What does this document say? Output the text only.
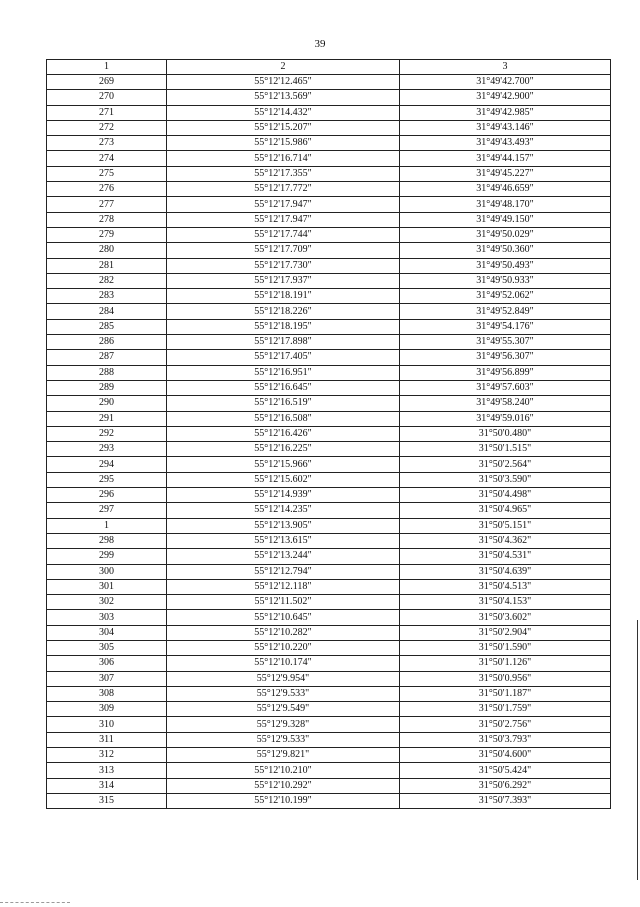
39
1	2	3
269	55°12'12.465"	31°49'42.700"
270	55°12'13.569"	31°49'42.900"
271	55°12'14.432"	31°49'42.985"
272	55°12'15.207"	31°49'43.146"
273	55°12'15.986"	31°49'43.493"
274	55°12'16.714"	31°49'44.157"
275	55°12'17.355"	31°49'45.227"
276	55°12'17.772"	31°49'46.659"
277	55°12'17.947"	31°49'48.170"
278	55°12'17.947"	31°49'49.150"
279	55°12'17.744"	31°49'50.029"
280	55°12'17.709"	31°49'50.360"
281	55°12'17.730"	31°49'50.493"
282	55°12'17.937"	31°49'50.933"
283	55°12'18.191"	31°49'52.062"
284	55°12'18.226"	31°49'52.849"
285	55°12'18.195"	31°49'54.176"
286	55°12'17.898"	31°49'55.307"
287	55°12'17.405"	31°49'56.307"
288	55°12'16.951"	31°49'56.899"
289	55°12'16.645"	31°49'57.603"
290	55°12'16.519"	31°49'58.240"
291	55°12'16.508"	31°49'59.016"
292	55°12'16.426"	31°50'0.480"
293	55°12'16.225"	31°50'1.515"
294	55°12'15.966"	31°50'2.564"
295	55°12'15.602"	31°50'3.590"
296	55°12'14.939"	31°50'4.498"
297	55°12'14.235"	31°50'4.965"
1	55°12'13.905"	31°50'5.151"
298	55°12'13.615"	31°50'4.362"
299	55°12'13.244"	31°50'4.531"
300	55°12'12.794"	31°50'4.639"
301	55°12'12.118"	31°50'4.513"
302	55°12'11.502"	31°50'4.153"
303	55°12'10.645"	31°50'3.602"
304	55°12'10.282"	31°50'2.904"
305	55°12'10.220"	31°50'1.590"
306	55°12'10.174"	31°50'1.126"
307	55°12'9.954"	31°50'0.956"
308	55°12'9.533"	31°50'1.187"
309	55°12'9.549"	31°50'1.759"
310	55°12'9.328"	31°50'2.756"
311	55°12'9.533"	31°50'3.793"
312	55°12'9.821"	31°50'4.600"
313	55°12'10.210"	31°50'5.424"
314	55°12'10.292"	31°50'6.292"
315	55°12'10.199"	31°50'7.393"
